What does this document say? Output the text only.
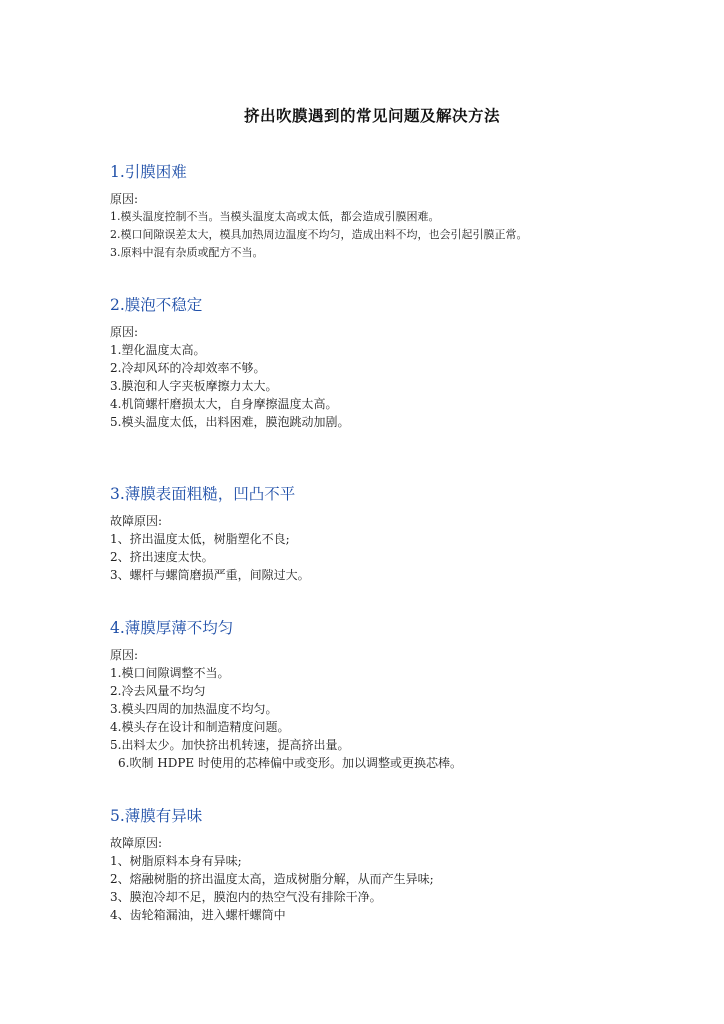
挤出吹膜遇到的常见问题及解决方法
1.引膜困难

原因:

1.模头温度控制不当。当模头温度太高或太低，都会造成引膜困难。

2.模口间隙误差太大，模具加热周边温度不均匀，造成出料不均，也会引起引膜正常。

3.原料中混有杂质或配方不当。

2.膜泡不稳定

原因:

1.塑化温度太高。

2.冷却风环的冷却效率不够。

3.膜泡和人字夹板摩擦力太大。

4.机筒螺杆磨损太大，自身摩擦温度太高。

5.模头温度太低，出料困难，膜泡跳动加剧。

3.薄膜表面粗糙，凹凸不平

故障原因:

1、挤出温度太低，树脂塑化不良;

2、挤出速度太快。

3、螺杆与螺筒磨损严重，间隙过大。

4.薄膜厚薄不均匀

原因:

1.模口间隙调整不当。

2.冷去风量不均匀

3.模头四周的加热温度不均匀。

4.模头存在设计和制造精度问题。

5.出料太少。加快挤出机转速，提高挤出量。

6.吹制 HDPE 时使用的芯棒偏中或变形。加以调整或更换芯棒。

5.薄膜有异味

故障原因:

1、树脂原料本身有异味;

2、熔融树脂的挤出温度太高，造成树脂分解，从而产生异味;

3、膜泡冷却不足，膜泡内的热空气没有排除干净。

4、齿轮箱漏油，进入螺杆螺筒中
